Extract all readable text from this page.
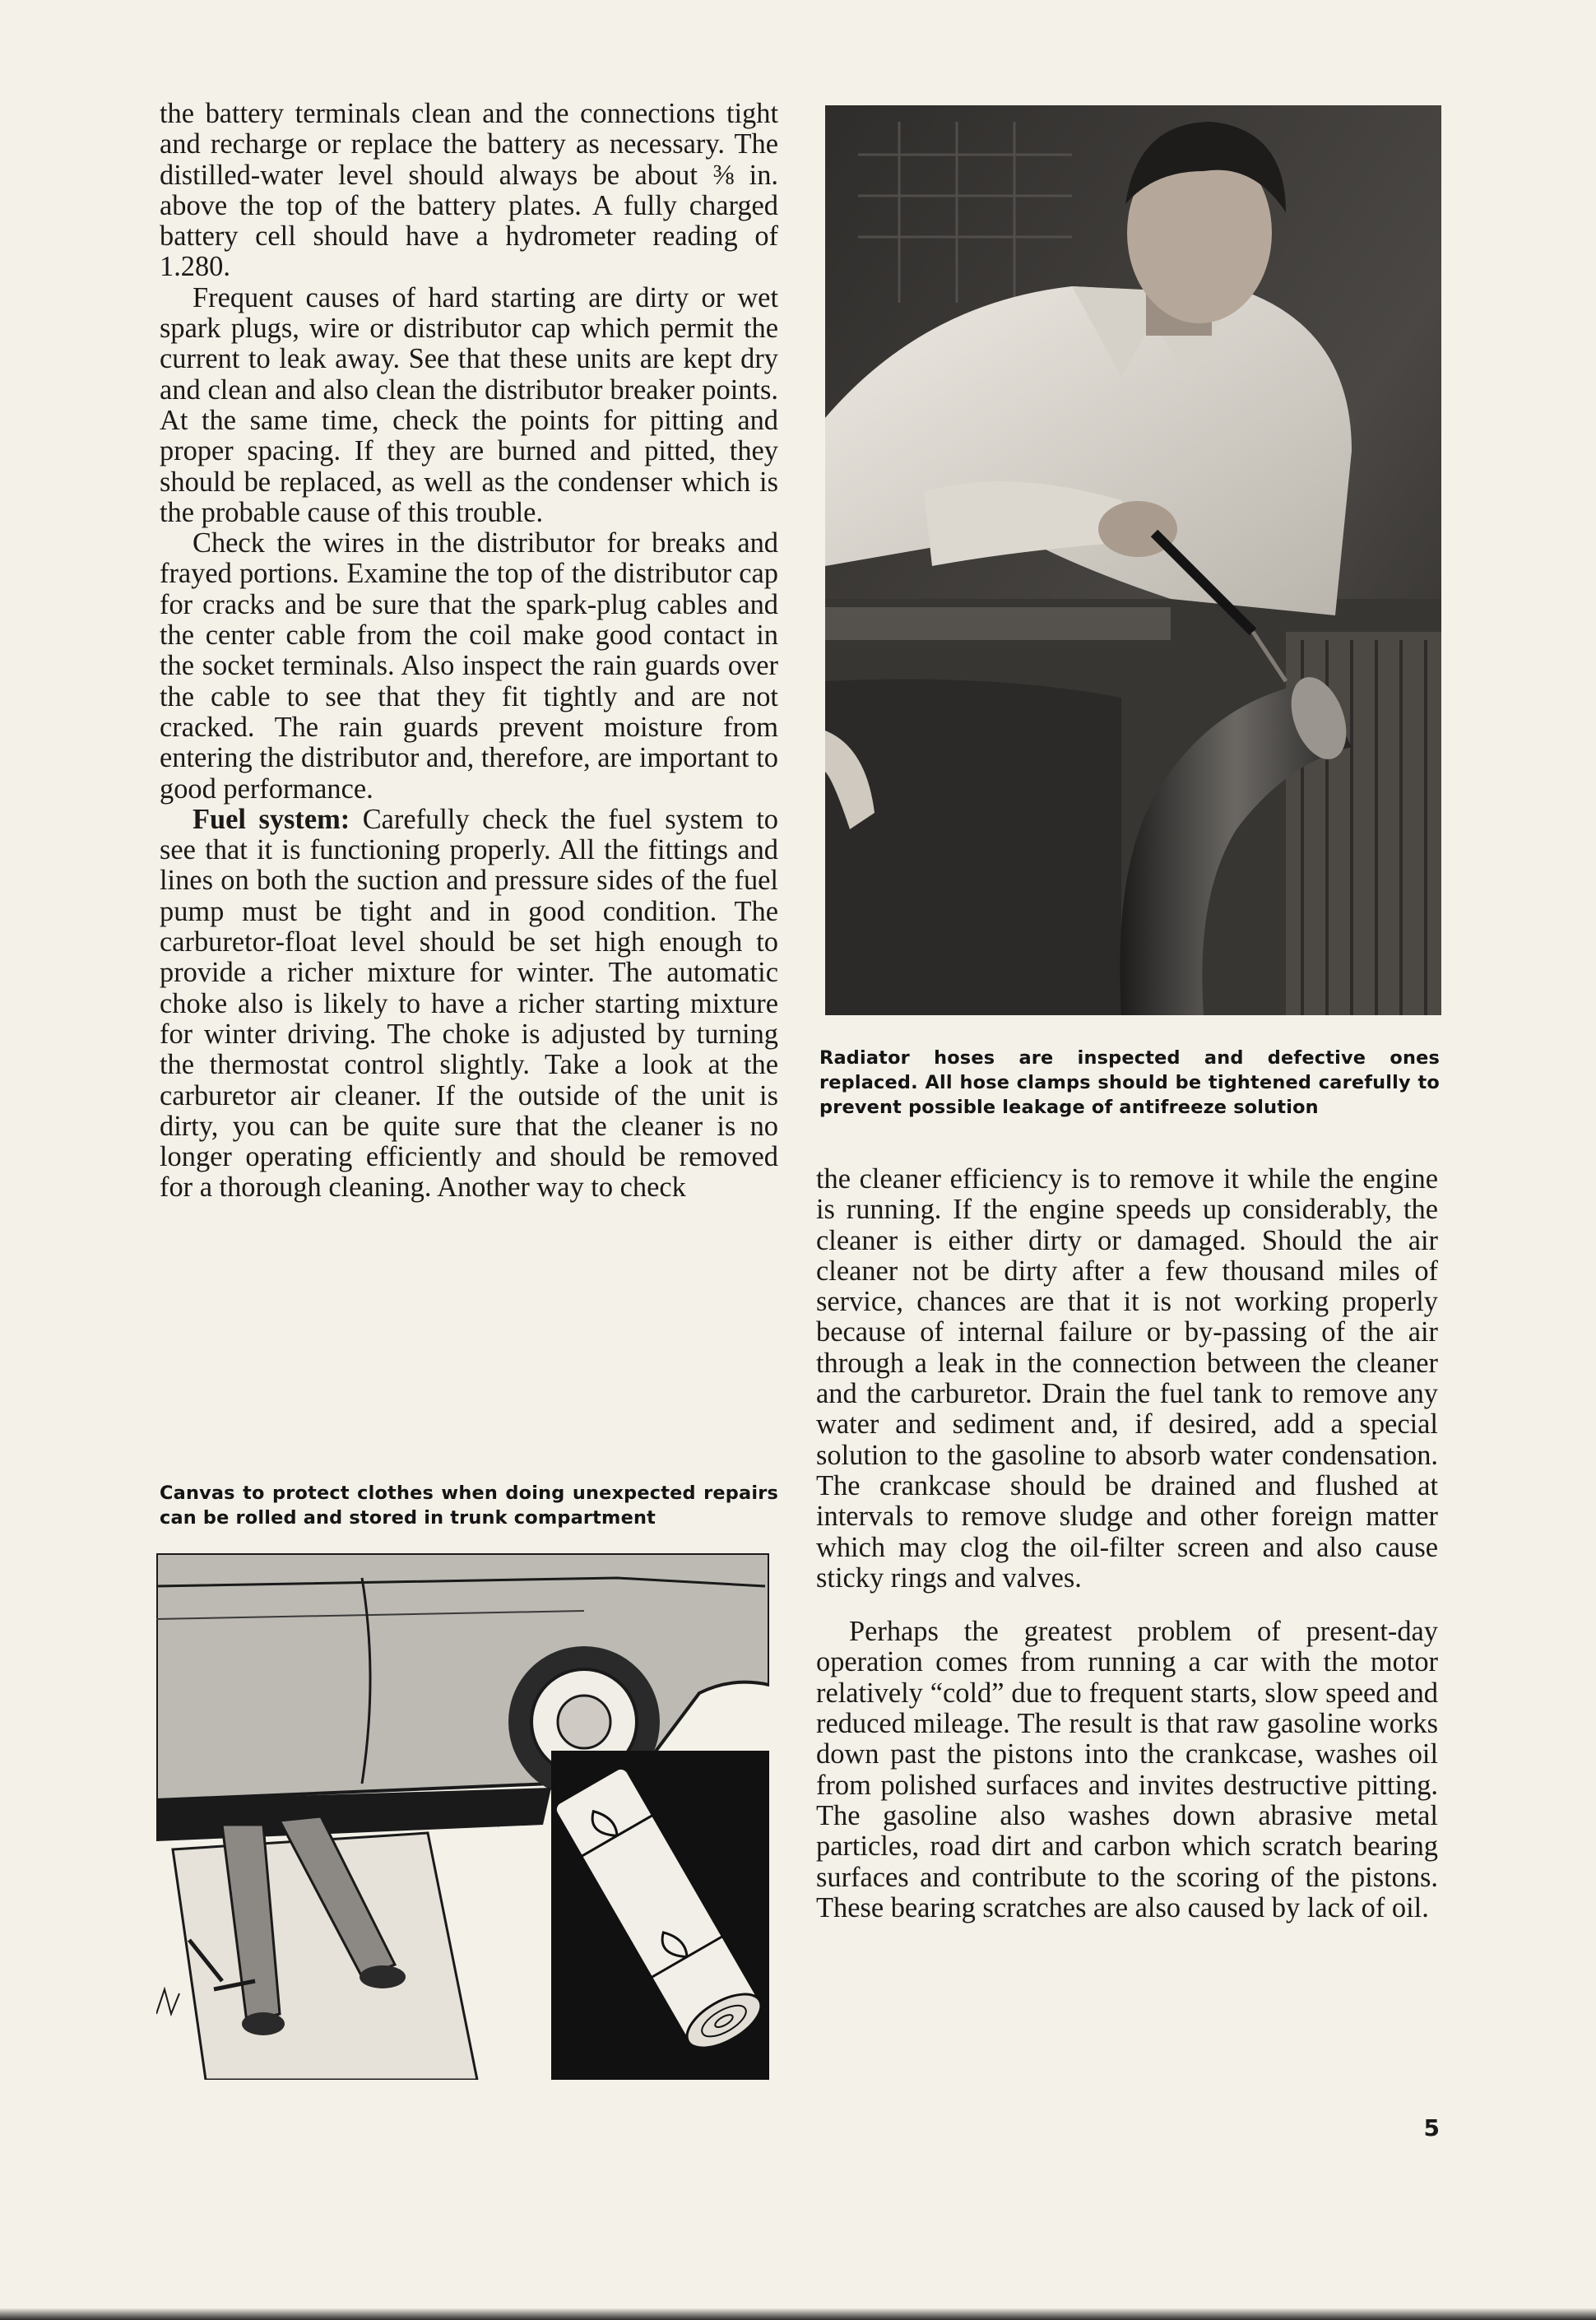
the battery terminals clean and the connections tight and recharge or replace the battery as necessary. The distilled-water level should always be about ⅜ in. above the top of the battery plates. A fully charged battery cell should have a hydrometer reading of 1.280.

Frequent causes of hard starting are dirty or wet spark plugs, wire or distributor cap which permit the current to leak away. See that these units are kept dry and clean and also clean the distributor breaker points. At the same time, check the points for pitting and proper spacing. If they are burned and pitted, they should be replaced, as well as the condenser which is the probable cause of this trouble.

Check the wires in the distributor for breaks and frayed portions. Examine the top of the distributor cap for cracks and be sure that the spark-plug cables and the center cable from the coil make good contact in the socket terminals. Also inspect the rain guards over the cable to see that they fit tightly and are not cracked. The rain guards prevent moisture from entering the distributor and, therefore, are important to good performance.

Fuel system: Carefully check the fuel system to see that it is functioning properly. All the fittings and lines on both the suction and pressure sides of the fuel pump must be tight and in good condition. The carburetor-float level should be set high enough to provide a richer mixture for winter. The automatic choke also is likely to have a richer starting mixture for winter driving. The choke is adjusted by turning the thermostat control slightly. Take a look at the carburetor air cleaner. If the outside of the unit is dirty, you can be quite sure that the cleaner is no longer operating efficiently and should be removed for a thorough cleaning. Another way to check

Radiator hoses are inspected and defective ones replaced. All hose clamps should be tightened carefully to prevent possible leakage of antifreeze solution

the cleaner efficiency is to remove it while the engine is running. If the engine speeds up considerably, the cleaner is either dirty or damaged. Should the air cleaner not be dirty after a few thousand miles of service, chances are that it is not working properly because of internal failure or by-passing of the air through a leak in the connection between the cleaner and the carburetor. Drain the fuel tank to remove any water and sediment and, if desired, add a special solution to the gasoline to absorb water condensation. The crankcase should be drained and flushed at intervals to remove sludge and other foreign matter which may clog the oil-filter screen and also cause sticky rings and valves.

Perhaps the greatest problem of present-day operation comes from running a car with the motor relatively “cold” due to frequent starts, slow speed and reduced mileage. The result is that raw gasoline works down past the pistons into the crankcase, washes oil from polished surfaces and invites destructive pitting. The gasoline also washes down abrasive metal particles, road dirt and carbon which scratch bearing surfaces and contribute to the scoring of the pistons. These bearing scratches are also caused by lack of oil.

Canvas to protect clothes when doing unexpected repairs can be rolled and stored in trunk compartment
5
